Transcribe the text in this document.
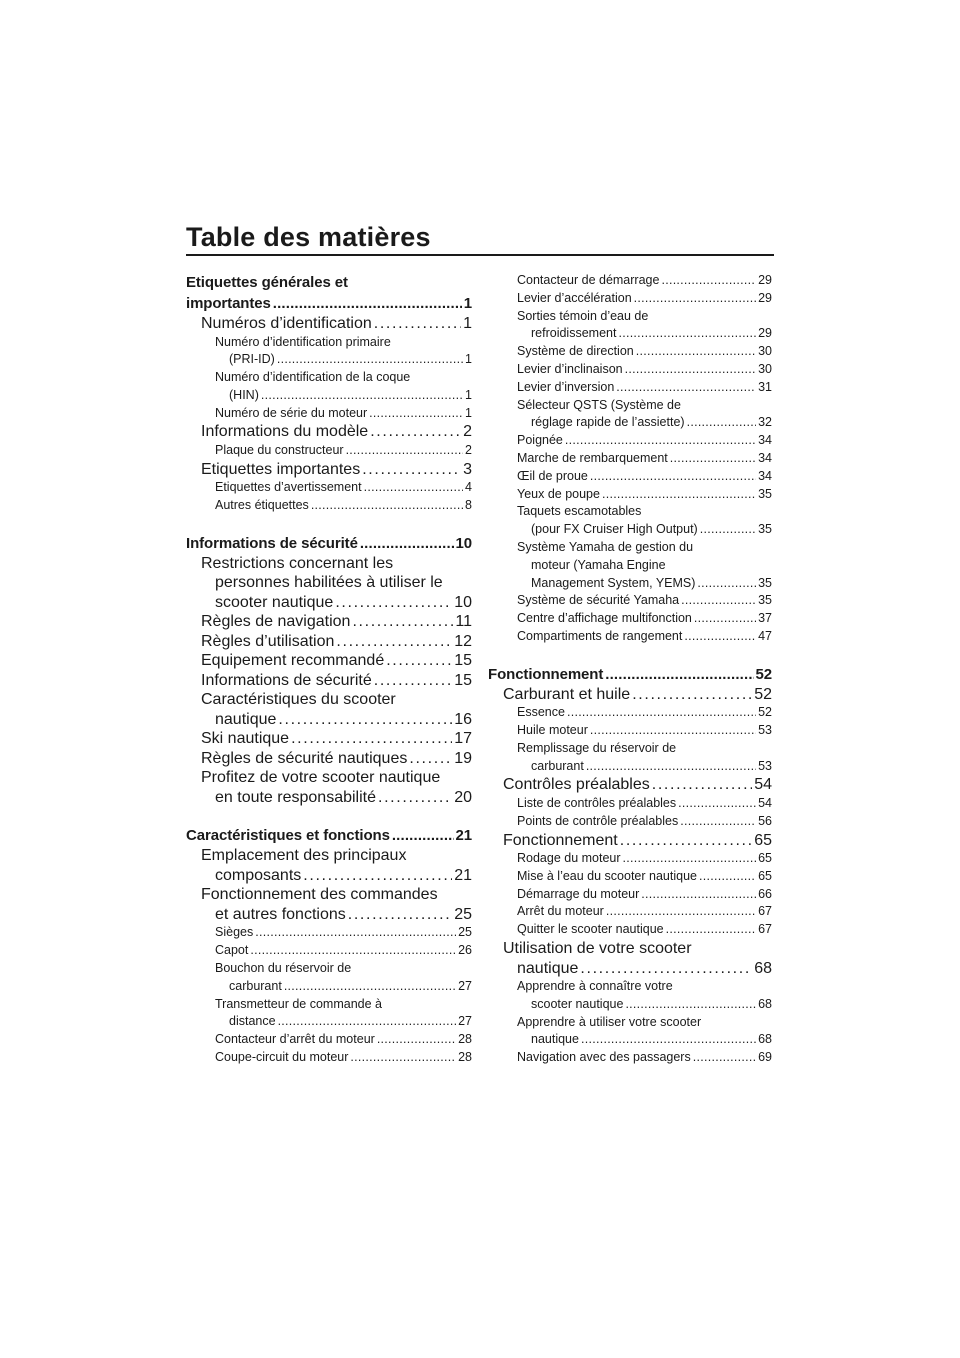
Table des matières
Etiquettes générales et
importantes . . .	1
Numéros d’identification . . .	1
Numéro d’identification primaire
(PRI-ID) . . .	1
Numéro d’identification de la coque
(HIN) . . .	1
Numéro de série du moteur . . .	1
Informations du modèle . . .	2
Plaque du constructeur . . .	2
Etiquettes importantes . . .	3
Etiquettes d’avertissement . . .	4
Autres étiquettes . . .	8
Informations de sécurité . . .	10
Restrictions concernant les
personnes habilitées à utiliser le
scooter nautique . . .	10
Règles de navigation . . .	11
Règles d’utilisation . . .	12
Equipement recommandé . . .	15
Informations de sécurité . . .	15
Caractéristiques du scooter
nautique . . .	16
Ski nautique . . .	17
Règles de sécurité nautiques . . .	19
Profitez de votre scooter nautique
en toute responsabilité . . .	20
Caractéristiques et fonctions . . .	21
Emplacement des principaux
composants . . .	21
Fonctionnement des commandes
et autres fonctions . . .	25
Sièges . . .	25
Capot . . .	26
Bouchon du réservoir de
carburant . . .	27
Transmetteur de commande à
distance . . .	27
Contacteur d’arrêt du moteur . . .	28
Coupe-circuit du moteur . . .	28
Contacteur de démarrage . . .	29
Levier d’accélération . . .	29
Sorties témoin d’eau de
refroidissement . . .	29
Système de direction . . .	30
Levier d’inclinaison . . .	30
Levier d’inversion . . .	31
Sélecteur QSTS (Système de
réglage rapide de l’assiette) . . .	32
Poignée . . .	34
Marche de rembarquement . . .	34
Œil de proue . . .	34
Yeux de poupe . . .	35
Taquets escamotables
(pour FX Cruiser High Output) . . .	35
Système Yamaha de gestion du
moteur (Yamaha Engine
Management System, YEMS) . . .	35
Système de sécurité Yamaha . . .	35
Centre d’affichage multifonction . . .	37
Compartiments de rangement . . .	47
Fonctionnement . . .	52
Carburant et huile . . .	52
Essence . . .	52
Huile moteur . . .	53
Remplissage du réservoir de
carburant . . .	53
Contrôles préalables . . .	54
Liste de contrôles préalables . . .	54
Points de contrôle préalables . . .	56
Fonctionnement . . .	65
Rodage du moteur . . .	65
Mise à l’eau du scooter nautique . . .	65
Démarrage du moteur . . .	66
Arrêt du moteur . . .	67
Quitter le scooter nautique . . .	67
Utilisation de votre scooter
nautique . . .	68
Apprendre à connaître votre
scooter nautique . . .	68
Apprendre à utiliser votre scooter
nautique . . .	68
Navigation avec des passagers . . .	69
